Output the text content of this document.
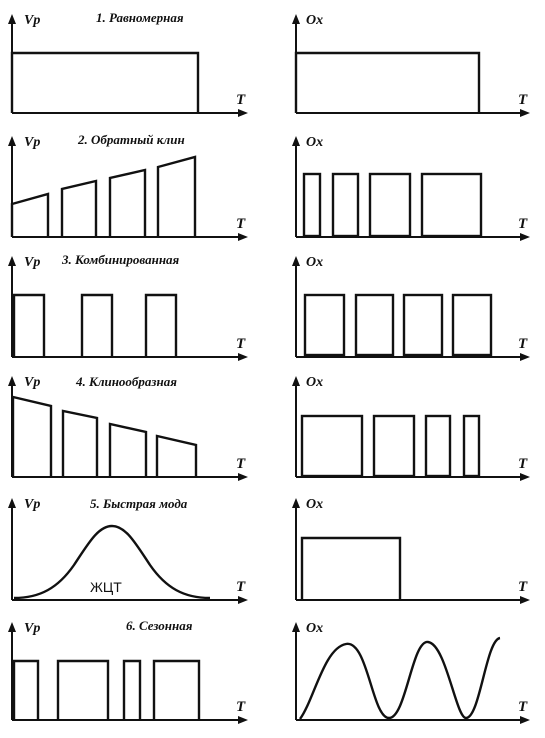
Vp
T
1. Равномерная	Ox
T
Vp
T
2. Обратный клин	Ox
T
Vp
T
3. Комбинированная	Ox
T
Vp
T
4. Клинообразная	Ox
T
Vp
T
5. Быстрая мода
ЖЦТ
Ox
T
Vp
T
6. Сезонная	Ox
T
